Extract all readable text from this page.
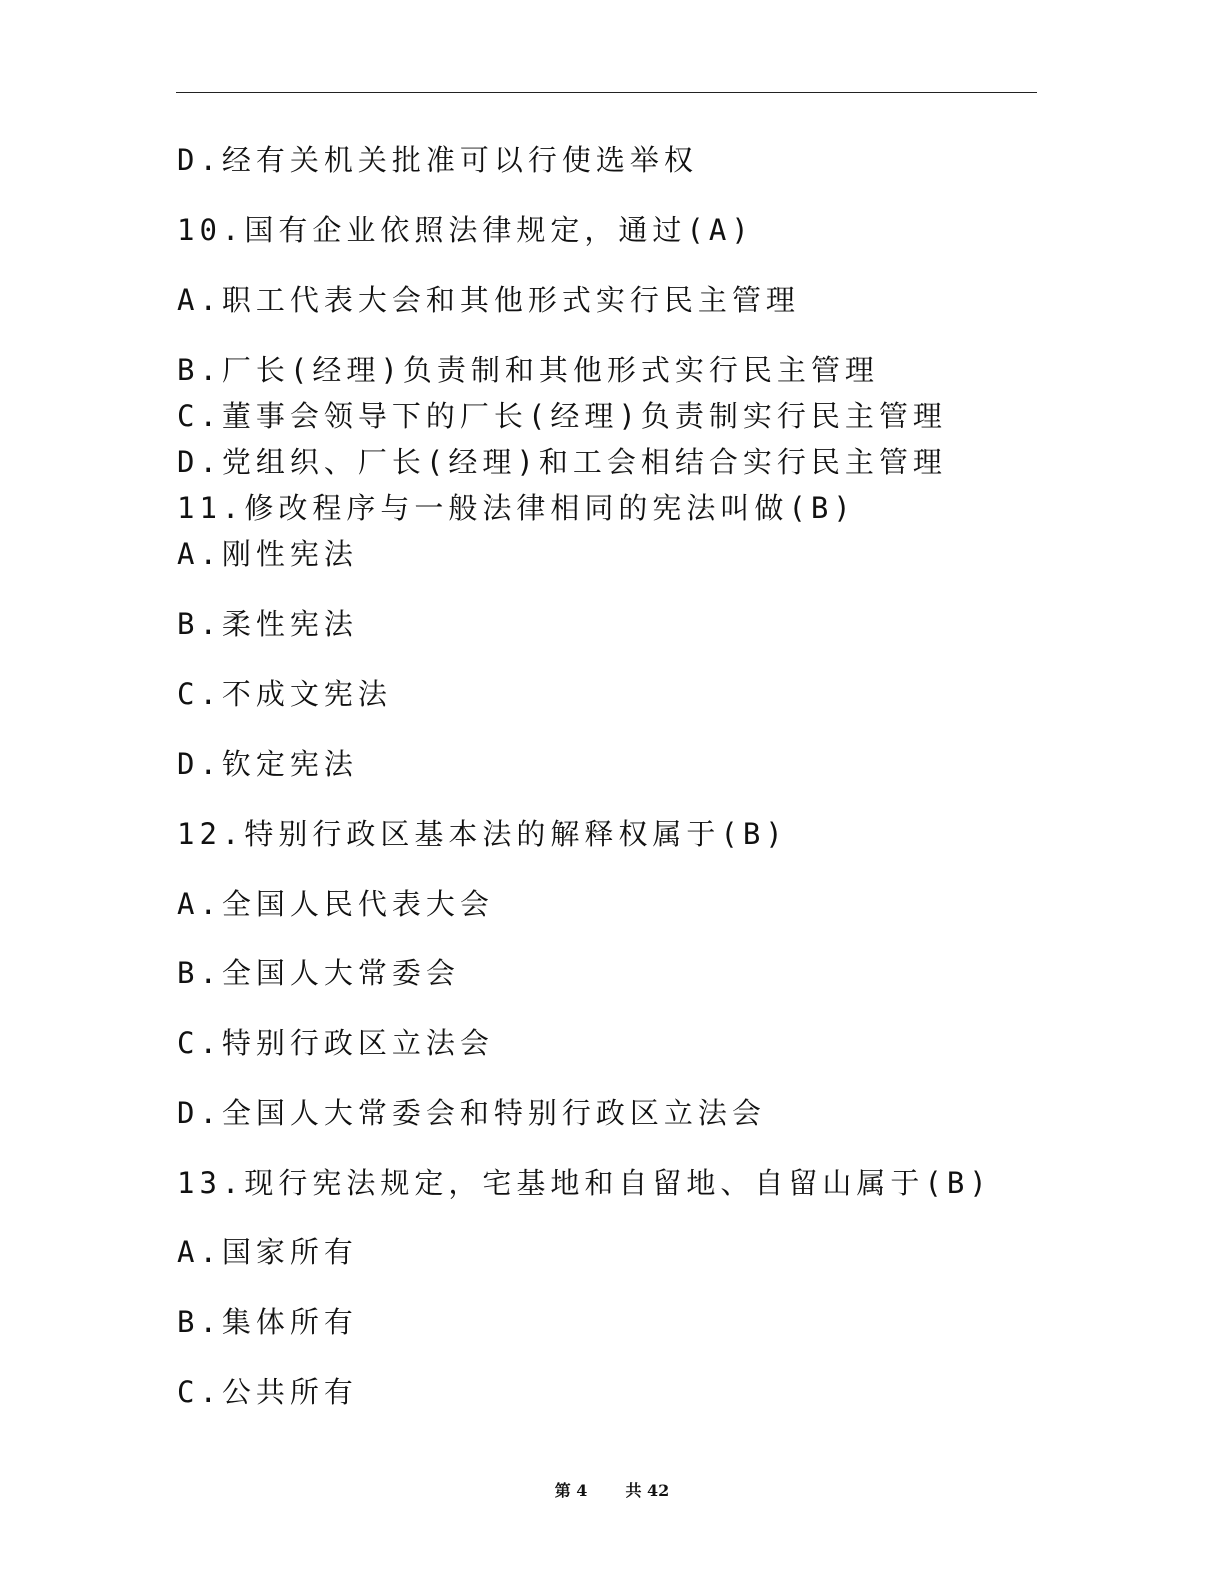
D.经有关机关批准可以行使选举权
10.国有企业依照法律规定，通过(A)
A.职工代表大会和其他形式实行民主管理
B.厂长(经理)负责制和其他形式实行民主管理
C.董事会领导下的厂长(经理)负责制实行民主管理
D.党组织、厂长(经理)和工会相结合实行民主管理
11.修改程序与一般法律相同的宪法叫做(B)
A.刚性宪法
B.柔性宪法
C.不成文宪法
D.钦定宪法
12.特别行政区基本法的解释权属于(B)
A.全国人民代表大会
B.全国人大常委会
C.特别行政区立法会
D.全国人大常委会和特别行政区立法会
13.现行宪法规定，宅基地和自留地、自留山属于(B)
A.国家所有
B.集体所有
C.公共所有
第 4 共 42
